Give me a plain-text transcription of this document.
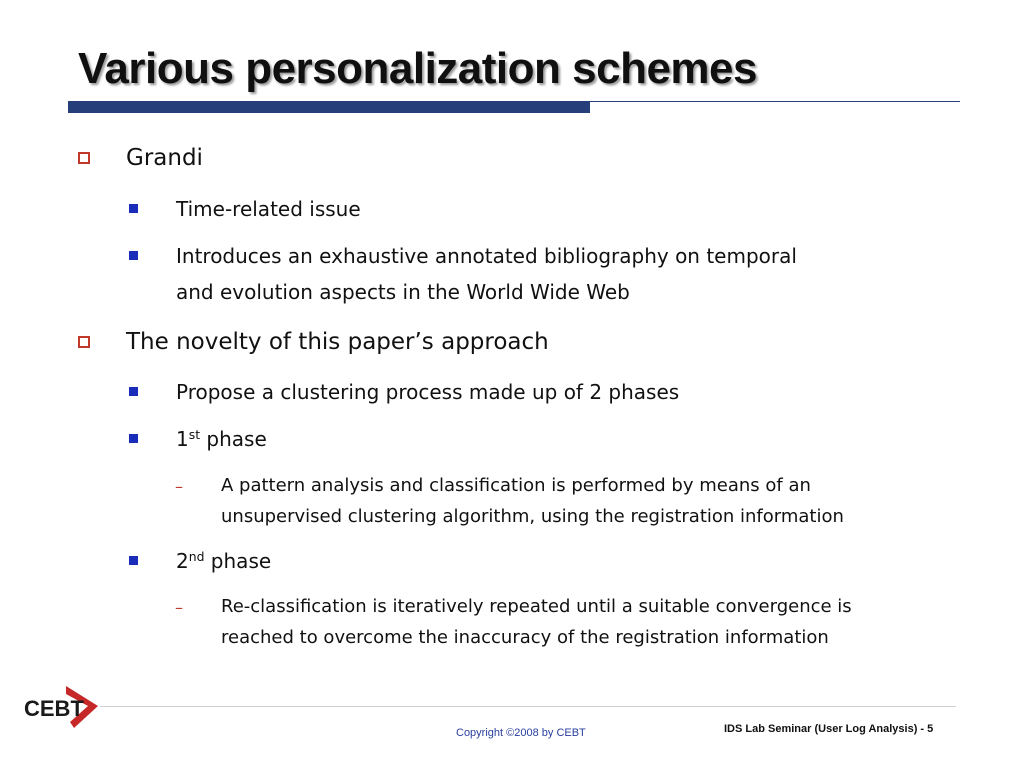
Various personalization schemes
Grandi
Time-related issue
Introduces an exhaustive annotated bibliography on temporal
and evolution aspects in the World Wide Web
The novelty of this paper’s approach
Propose a clustering process made up of 2 phases
1st phase
– A pattern analysis and classification is performed by means of an
unsupervised clustering algorithm, using the registration information
2nd phase
– Re-classification is iteratively repeated until a suitable convergence is
reached to overcome the inaccuracy of the registration information
CEBT
Copyright ©2008 by CEBT	IDS Lab Seminar (User Log Analysis) - 5
